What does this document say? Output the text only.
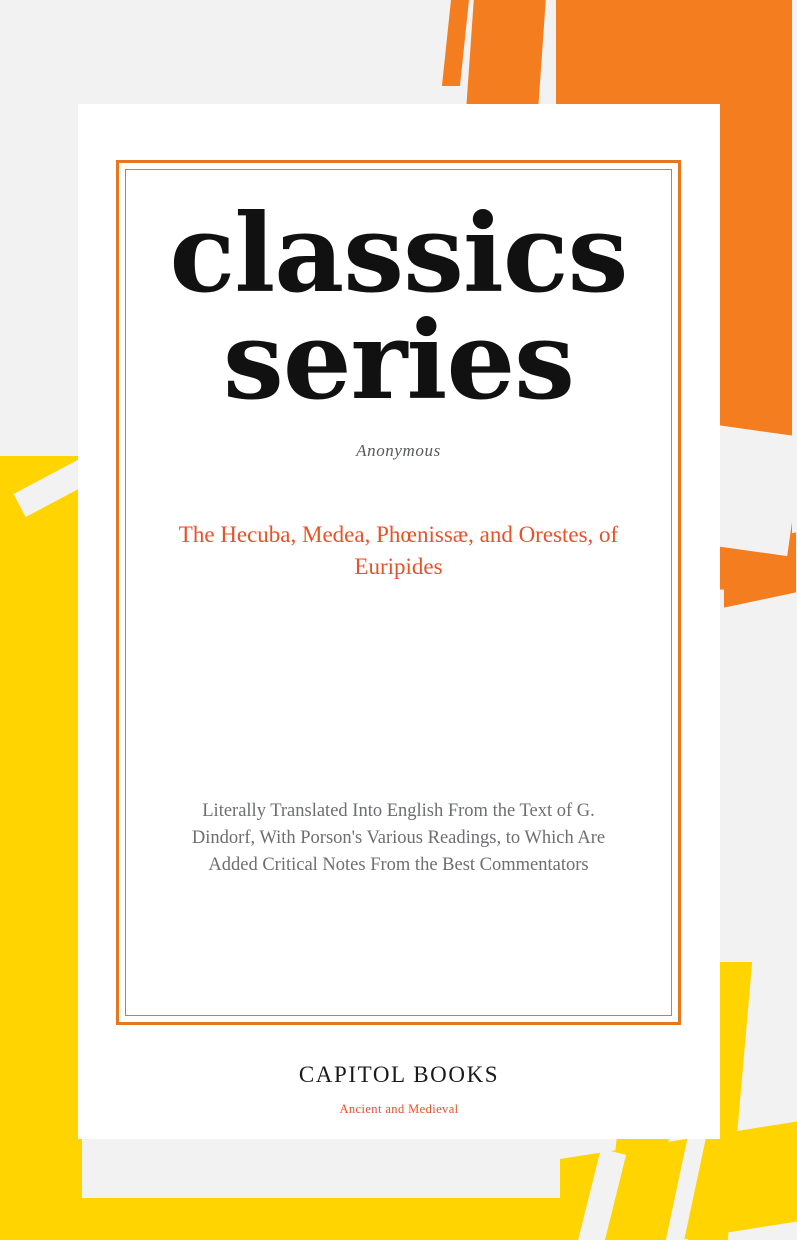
classics
series
Anonymous
The Hecuba, Medea, Phœnissæ, and Orestes, of Euripides
Literally Translated Into English From the Text of G. Dindorf, With Porson's Various Readings, to Which Are Added Critical Notes From the Best Commentators
CAPITOL BOOKS
Ancient and Medieval
